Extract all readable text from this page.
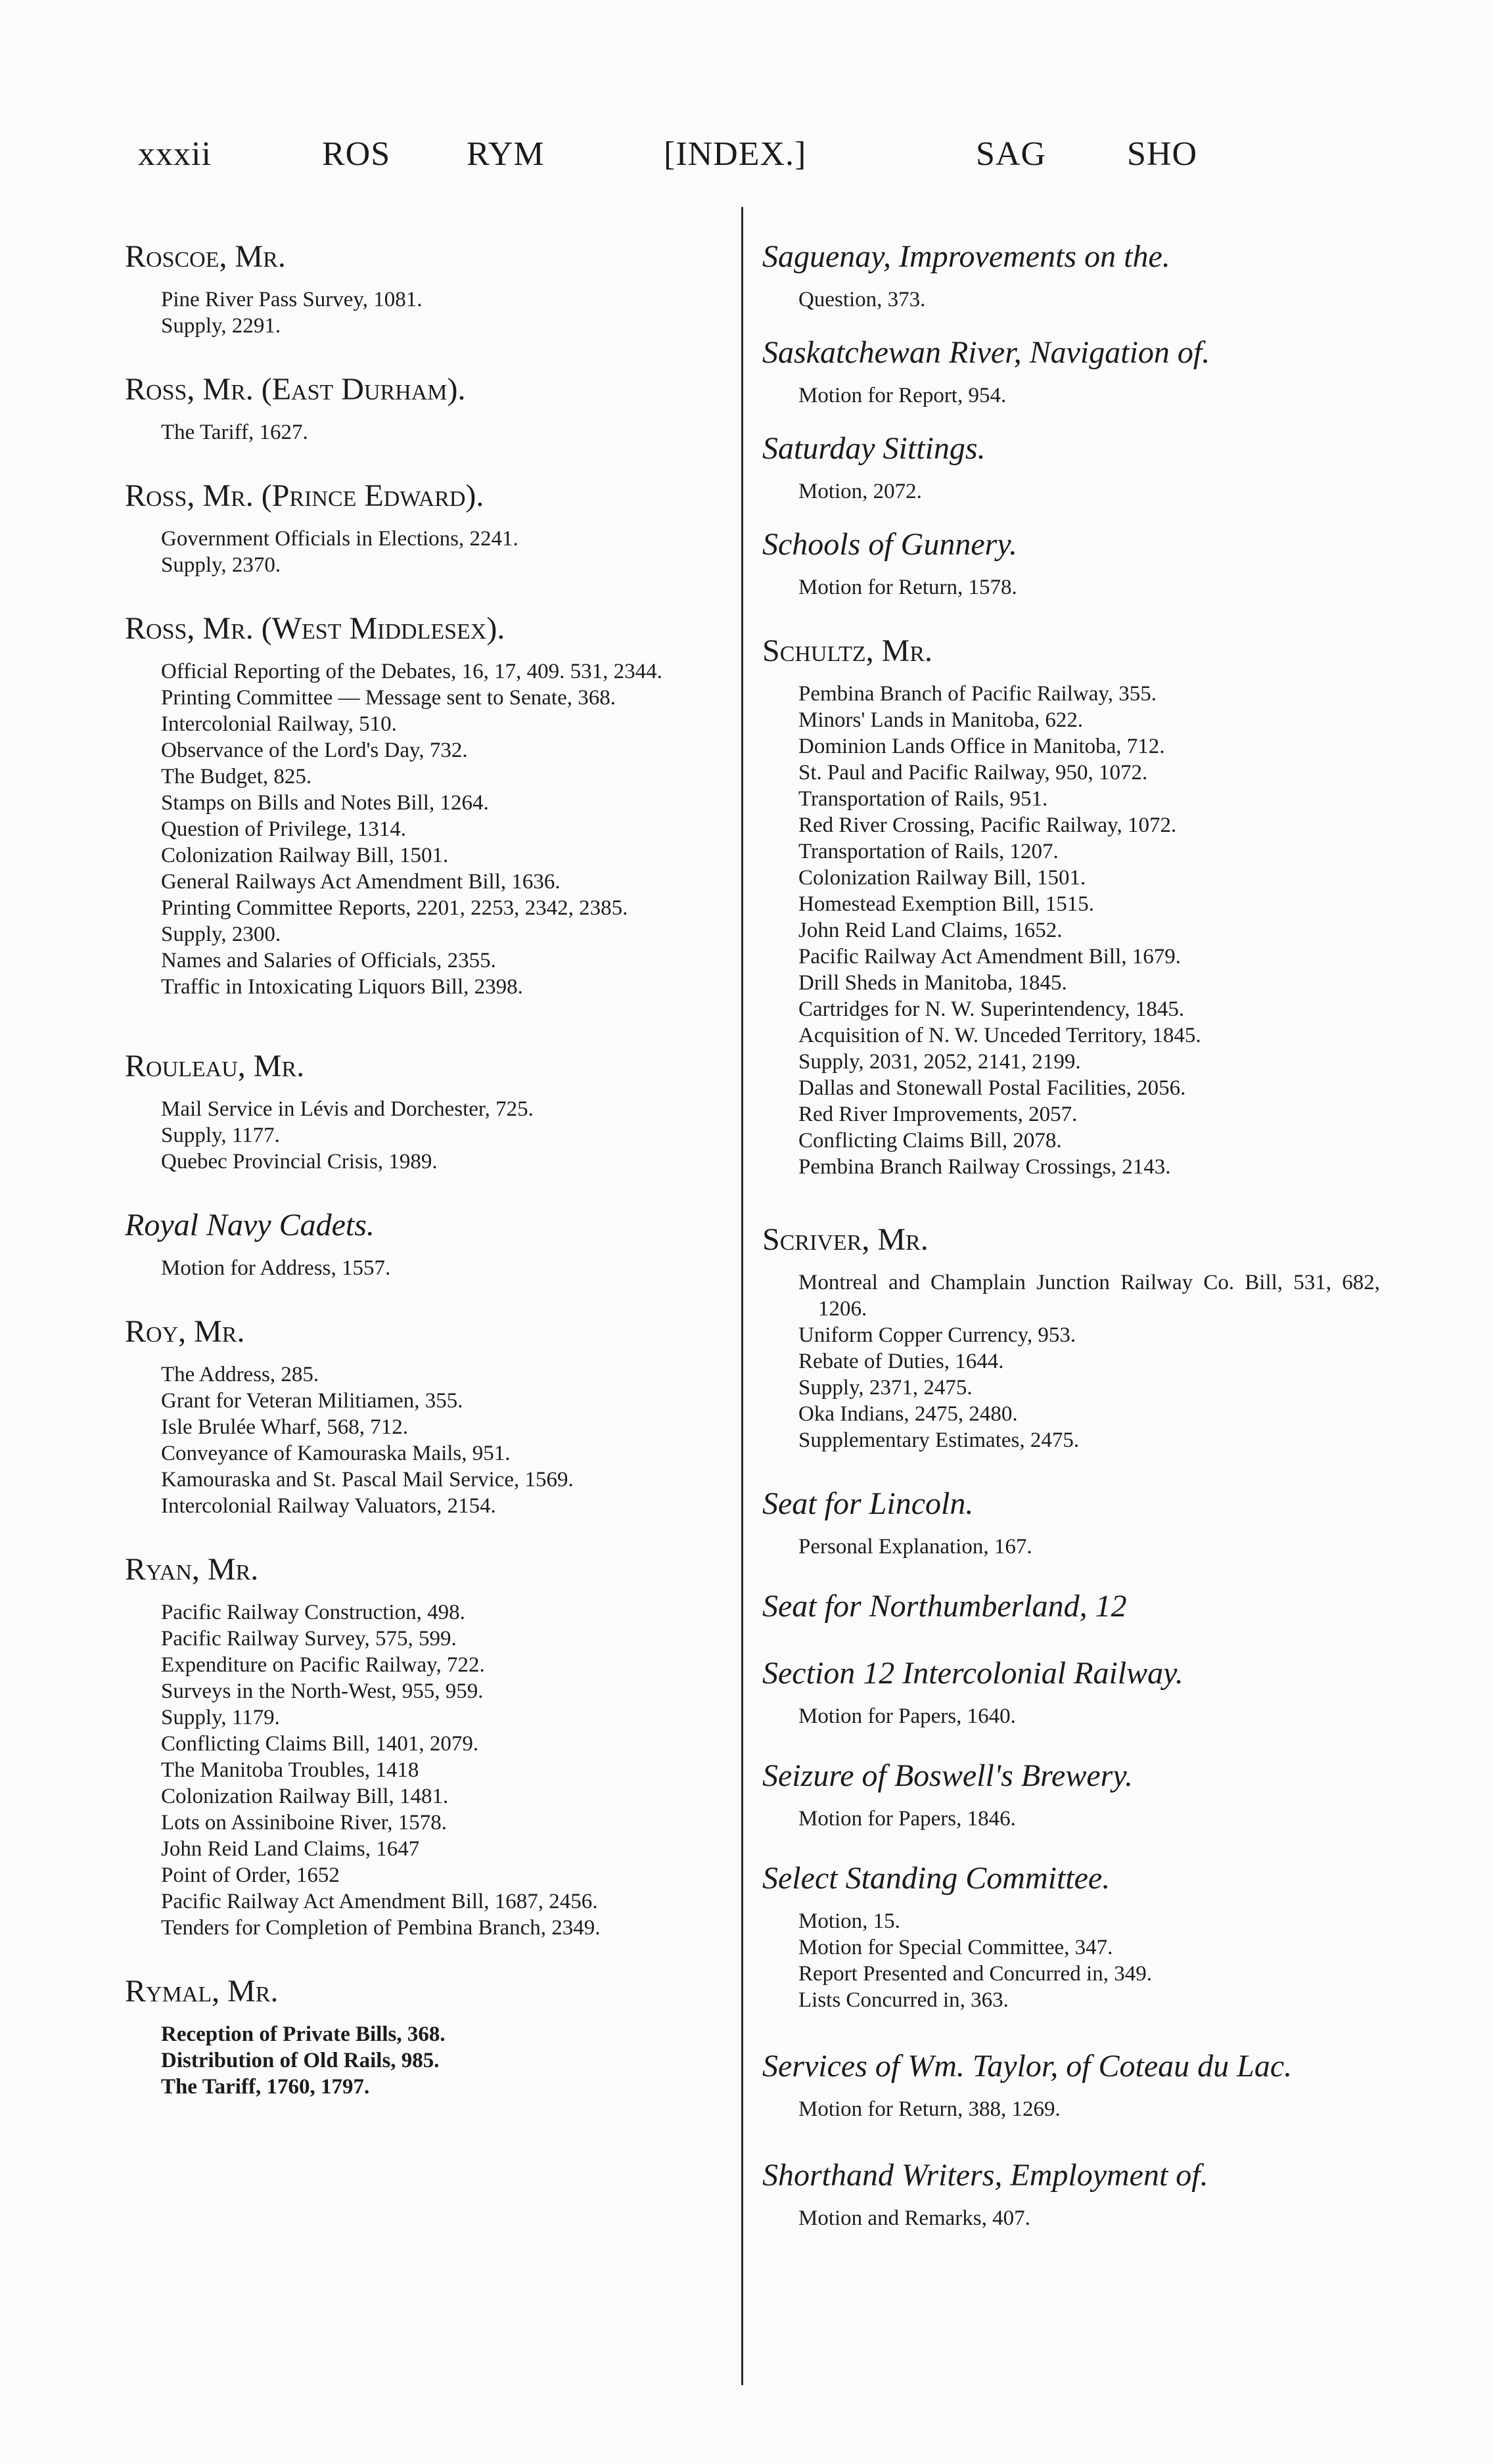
xxxii	ROS RYM	[INDEX.]	SAG SHO
Roscoe, Mr.
Pine River Pass Survey, 1081.
Supply, 2291.
Ross, Mr. (East Durham).
The Tariff, 1627.
Ross, Mr. (Prince Edward).
Government Officials in Elections, 2241.
Supply, 2370.
Ross, Mr. (West Middlesex).
Official Reporting of the Debates, 16, 17, 409. 531, 2344.
Printing Committee — Message sent to Senate, 368.
Intercolonial Railway, 510.
Observance of the Lord's Day, 732.
The Budget, 825.
Stamps on Bills and Notes Bill, 1264.
Question of Privilege, 1314.
Colonization Railway Bill, 1501.
General Railways Act Amendment Bill, 1636.
Printing Committee Reports, 2201, 2253, 2342, 2385.
Supply, 2300.
Names and Salaries of Officials, 2355.
Traffic in Intoxicating Liquors Bill, 2398.
Rouleau, Mr.
Mail Service in Lévis and Dorchester, 725.
Supply, 1177.
Quebec Provincial Crisis, 1989.
Royal Navy Cadets.
Motion for Address, 1557.
Roy, Mr.
The Address, 285.
Grant for Veteran Militiamen, 355.
Isle Brulée Wharf, 568, 712.
Conveyance of Kamouraska Mails, 951.
Kamouraska and St. Pascal Mail Service, 1569.
Intercolonial Railway Valuators, 2154.
Ryan, Mr.
Pacific Railway Construction, 498.
Pacific Railway Survey, 575, 599.
Expenditure on Pacific Railway, 722.
Surveys in the North-West, 955, 959.
Supply, 1179.
Conflicting Claims Bill, 1401, 2079.
The Manitoba Troubles, 1418
Colonization Railway Bill, 1481.
Lots on Assiniboine River, 1578.
John Reid Land Claims, 1647
Point of Order, 1652
Pacific Railway Act Amendment Bill, 1687, 2456.
Tenders for Completion of Pembina Branch, 2349.
Rymal, Mr.
Reception of Private Bills, 368.
Distribution of Old Rails, 985.
The Tariff, 1760, 1797.
Saguenay, Improvements on the.
Question, 373.
Saskatchewan River, Navigation of.
Motion for Report, 954.
Saturday Sittings.
Motion, 2072.
Schools of Gunnery.
Motion for Return, 1578.
Schultz, Mr.
Pembina Branch of Pacific Railway, 355.
Minors' Lands in Manitoba, 622.
Dominion Lands Office in Manitoba, 712.
St. Paul and Pacific Railway, 950, 1072.
Transportation of Rails, 951.
Red River Crossing, Pacific Railway, 1072.
Transportation of Rails, 1207.
Colonization Railway Bill, 1501.
Homestead Exemption Bill, 1515.
John Reid Land Claims, 1652.
Pacific Railway Act Amendment Bill, 1679.
Drill Sheds in Manitoba, 1845.
Cartridges for N. W. Superintendency, 1845.
Acquisition of N. W. Unceded Territory, 1845.
Supply, 2031, 2052, 2141, 2199.
Dallas and Stonewall Postal Facilities, 2056.
Red River Improvements, 2057.
Conflicting Claims Bill, 2078.
Pembina Branch Railway Crossings, 2143.
Scriver, Mr.
Montreal and Champlain Junction Railway Co. Bill, 531, 682, 1206.
Uniform Copper Currency, 953.
Rebate of Duties, 1644.
Supply, 2371, 2475.
Oka Indians, 2475, 2480.
Supplementary Estimates, 2475.
Seat for Lincoln.
Personal Explanation, 167.
Seat for Northumberland, 12
Section 12 Intercolonial Railway.
Motion for Papers, 1640.
Seizure of Boswell's Brewery.
Motion for Papers, 1846.
Select Standing Committee.
Motion, 15.
Motion for Special Committee, 347.
Report Presented and Concurred in, 349.
Lists Concurred in, 363.
Services of Wm. Taylor, of Coteau du Lac.
Motion for Return, 388, 1269.
Shorthand Writers, Employment of.
Motion and Remarks, 407.
